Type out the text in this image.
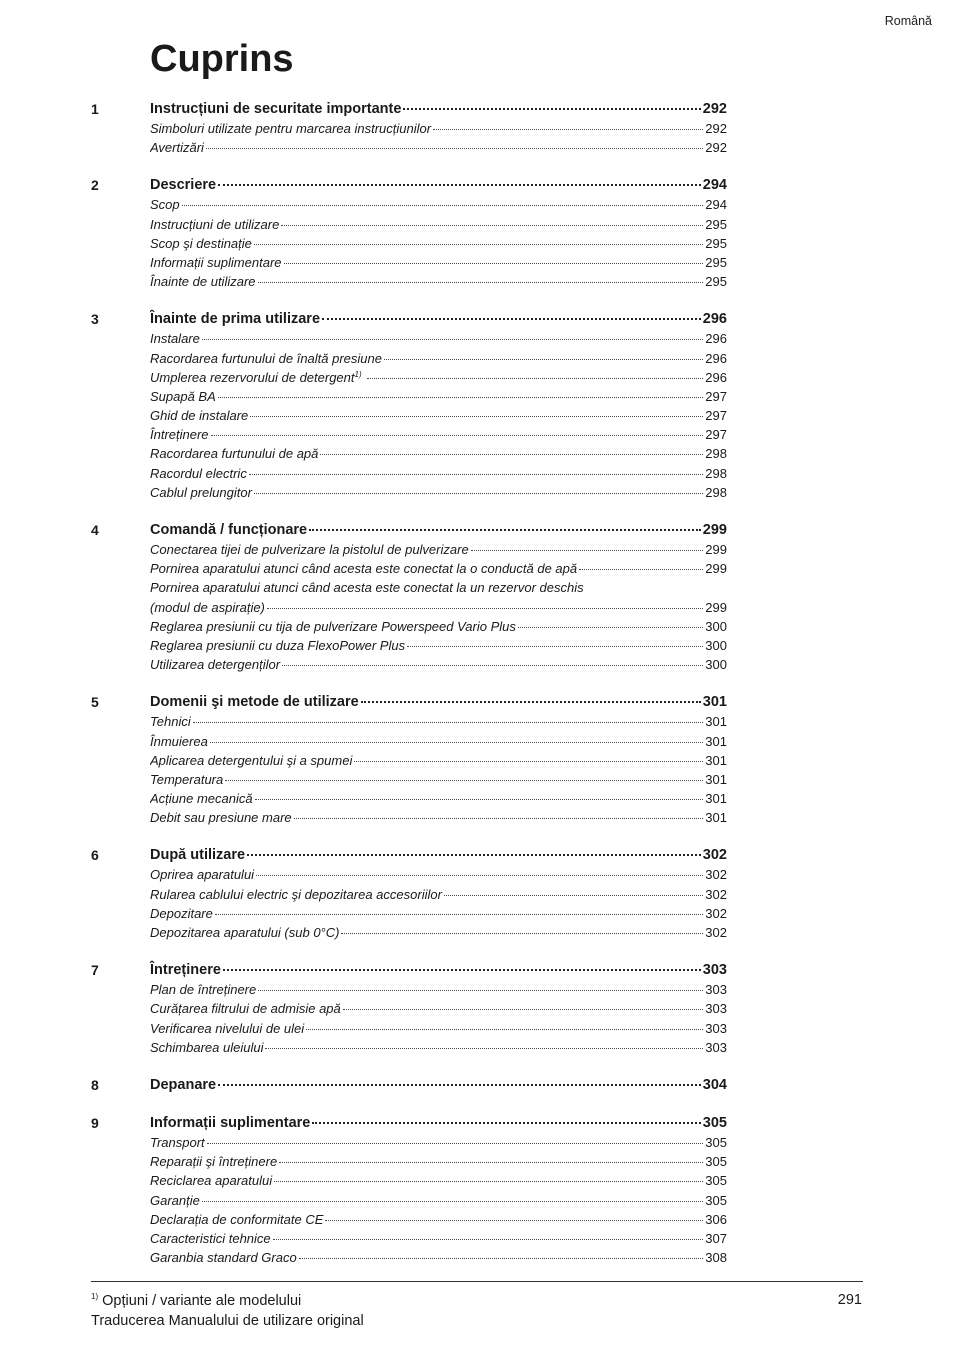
Română
Cuprins
1	Instrucțiuni de securitate importante	292
Simboluri utilizate pentru marcarea instrucțiunilor	292
Avertizări	292
2	Descriere	294
Scop	294
Instrucțiuni de utilizare	295
Scop şi destinație	295
Informații suplimentare	295
Înainte de utilizare	295
3	Înainte de prima utilizare	296
Instalare	296
Racordarea furtunului de înaltă presiune	296
Umplerea rezervorului de detergent$^{1)}$	296
Supapă BA	297
Ghid de instalare	297
Întreținere	297
Racordarea furtunului de apă	298
Racordul electric	298
Cablul prelungitor	298
4	Comandă / funcționare	299
Conectarea tijei de pulverizare la pistolul de pulverizare	299
Pornirea aparatului atunci când acesta este conectat la o conductă de apă	299
Pornirea aparatului atunci când acesta este conectat la un rezervor deschis
(modul de aspirație)	299
Reglarea presiunii cu tija de pulverizare Powerspeed Vario Plus	300
Reglarea presiunii cu duza FlexoPower Plus	300
Utilizarea detergenților	300
5	Domenii şi metode de utilizare	301
Tehnici	301
Înmuierea	301
Aplicarea detergentului şi a spumei	301
Temperatura	301
Acțiune mecanică	301
Debit sau presiune mare	301
6	După utilizare	302
Oprirea aparatului	302
Rularea cablului electric şi depozitarea accesoriilor	302
Depozitare	302
Depozitarea aparatului (sub 0°C)	302
7	Întreținere	303
Plan de întreținere	303
Curățarea filtrului de admisie apă	303
Verificarea nivelului de ulei	303
Schimbarea uleiului	303
8	Depanare	304
9	Informații suplimentare	305
Transport	305
Reparații şi întreținere	305
Reciclarea aparatului	305
Garanție	305
Declarația de conformitate CE	306
Caracteristici tehnice	307
Garanbia standard Graco	308
$^{1)}$ Opțiuni / variante ale modelului
Traducerea Manualului de utilizare original
291
